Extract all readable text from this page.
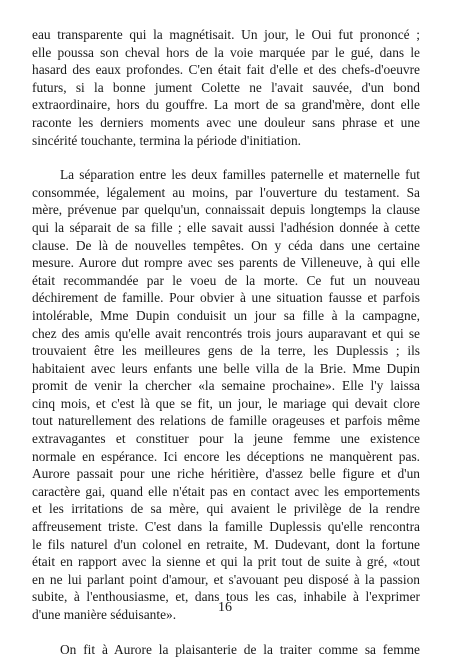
eau transparente qui la magnétisait. Un jour, le Oui fut prononcé ;
elle poussa son cheval hors de la voie marquée par le gué, dans le
hasard des eaux profondes. C'en était fait d'elle et des chefs-d'oeuvre
futurs, si la bonne jument Colette ne l'avait sauvée, d'un bond
extraordinaire, hors du gouffre. La mort de sa grand'mère, dont elle
raconte les derniers moments avec une douleur sans phrase et une
sincérité touchante, termina la période d'initiation.
La séparation entre les deux familles paternelle et maternelle fut
consommée, légalement au moins, par l'ouverture du testament. Sa
mère, prévenue par quelqu'un, connaissait depuis longtemps la clause
qui la séparait de sa fille ; elle savait aussi l'adhésion donnée à cette
clause. De là de nouvelles tempêtes. On y céda dans une certaine
mesure. Aurore dut rompre avec ses parents de Villeneuve, à qui elle
était recommandée par le voeu de la morte. Ce fut un nouveau
déchirement de famille. Pour obvier à une situation fausse et parfois
intolérable, Mme Dupin conduisit un jour sa fille à la campagne,
chez des amis qu'elle avait rencontrés trois jours auparavant et qui se
trouvaient être les meilleures gens de la terre, les Duplessis ; ils
habitaient avec leurs enfants une belle villa de la Brie. Mme Dupin
promit de venir la chercher «la semaine prochaine». Elle l'y laissa
cinq mois, et c'est là que se fit, un jour, le mariage qui devait clore
tout naturellement des relations de famille orageuses et parfois même
extravagantes et constituer pour la jeune femme une existence
normale en espérance. Ici encore les déceptions ne manquèrent pas.
Aurore passait pour une riche héritière, d'assez belle figure et d'un
caractère gai, quand elle n'était pas en contact avec les emportements
et les irritations de sa mère, qui avaient le privilège de la rendre
affreusement triste. C'est dans la famille Duplessis qu'elle rencontra
le fils naturel d'un colonel en retraite, M. Dudevant, dont la fortune
était en rapport avec la sienne et qui la prit tout de suite à gré, «tout
en ne lui parlant point d'amour, et s'avouant peu disposé à la passion
subite, à l'enthousiasme, et, dans tous les cas, inhabile à l'exprimer
d'une manière séduisante».
On fit à Aurore la plaisanterie de la traiter comme sa femme
16
